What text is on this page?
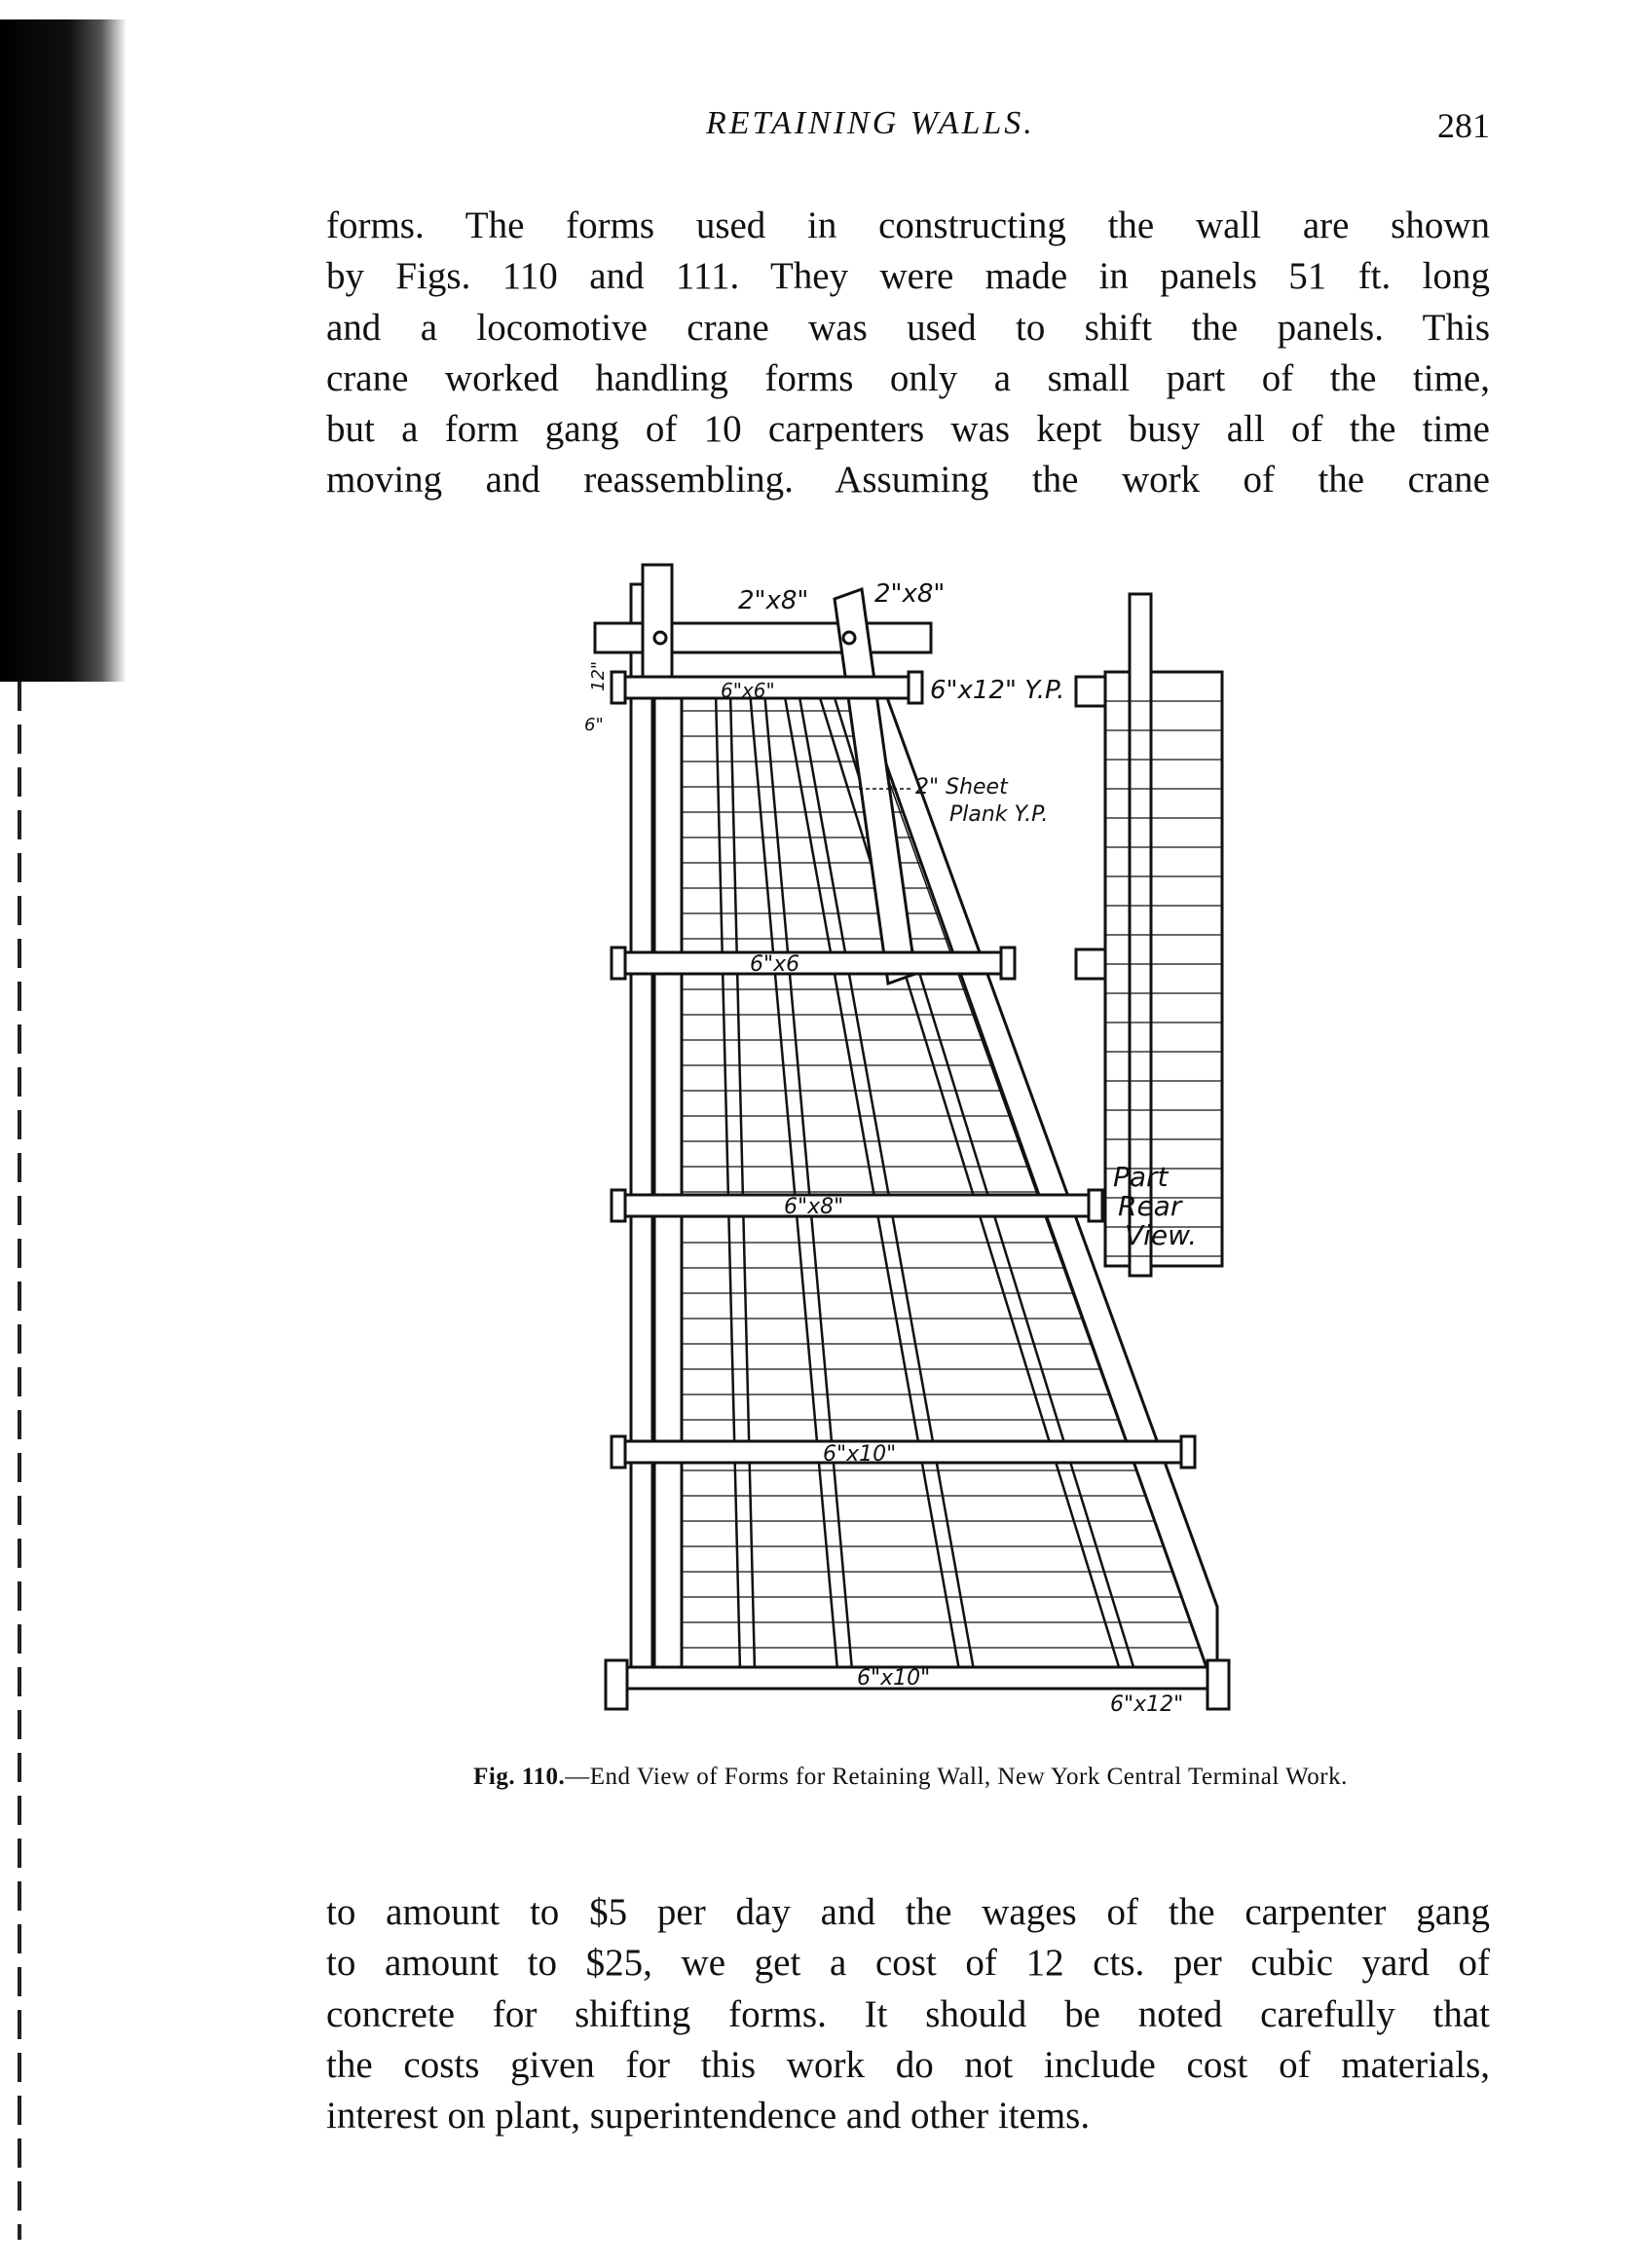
RETAINING WALLS.	281
forms. The forms used in constructing the wall are shown
by Figs. 110 and 111. They were made in panels 51 ft. long
and a locomotive crane was used to shift the panels. This
crane worked handling forms only a small part of the time,
but a form gang of 10 carpenters was kept busy all of the time
moving and reassembling. Assuming the work of the crane
2"x8"	2"x8"
6"x6"	6"x12" Y.P.
12"
6"
2" Sheet
Plank Y.P.
6"x6
6"x8"
6"x10"
6"x10"
6"x12"
Part
Rear
View.
Fig. 110.—End View of Forms for Retaining Wall, New York Central Terminal Work.
to amount to $5 per day and the wages of the carpenter gang
to amount to $25, we get a cost of 12 cts. per cubic yard of
concrete for shifting forms. It should be noted carefully that
the costs given for this work do not include cost of materials,
interest on plant, superintendence and other items.
